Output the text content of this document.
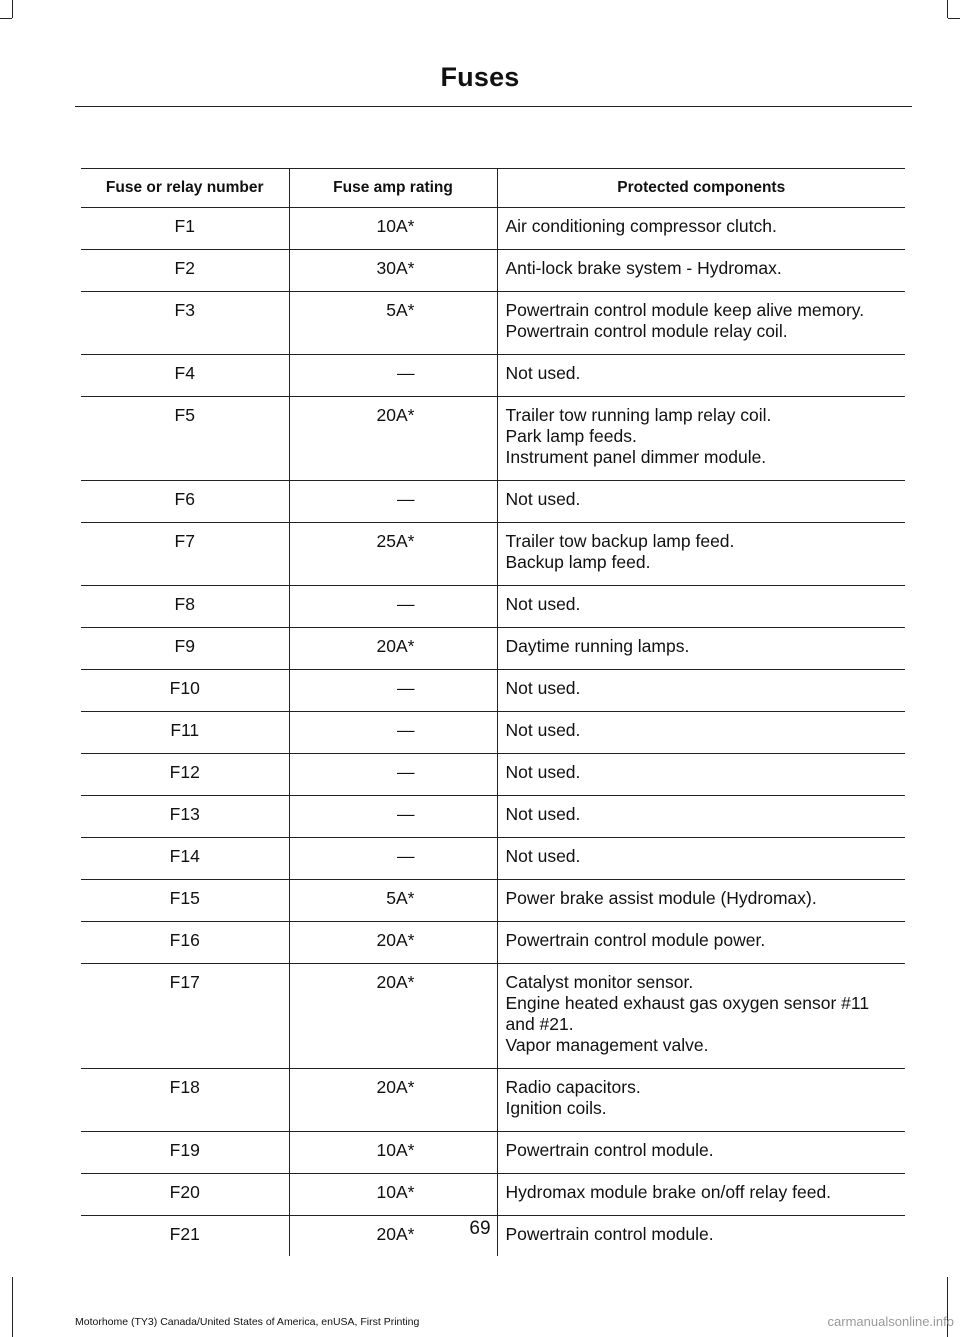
Fuses
Fuse or relay number	Fuse amp rating	Protected components
F1	10A*	Air conditioning compressor clutch.

F2	30A*	Anti-lock brake system - Hydromax.

F3	5A*	Powertrain control module keep alive memory.
Powertrain control module relay coil.

F4	—	Not used.

F5	20A*	Trailer tow running lamp relay coil.
Park lamp feeds.
Instrument panel dimmer module.

F6	—	Not used.

F7	25A*	Trailer tow backup lamp feed.
Backup lamp feed.

F8	—	Not used.

F9	20A*	Daytime running lamps.

F10	—	Not used.

F11	—	Not used.

F12	—	Not used.

F13	—	Not used.

F14	—	Not used.

F15	5A*	Power brake assist module (Hydromax).

F16	20A*	Powertrain control module power.

F17	20A*	Catalyst monitor sensor.
Engine heated exhaust gas oxygen sensor #11 and #21.
Vapor management valve.

F18	20A*	Radio capacitors.
Ignition coils.

F19	10A*	Powertrain control module.

F20	10A*	Hydromax module brake on/off relay feed.

F21	20A*	Powertrain control module.
69
Motorhome (TY3) Canada/United States of America, enUSA, First Printing	carmanualsonline.info
